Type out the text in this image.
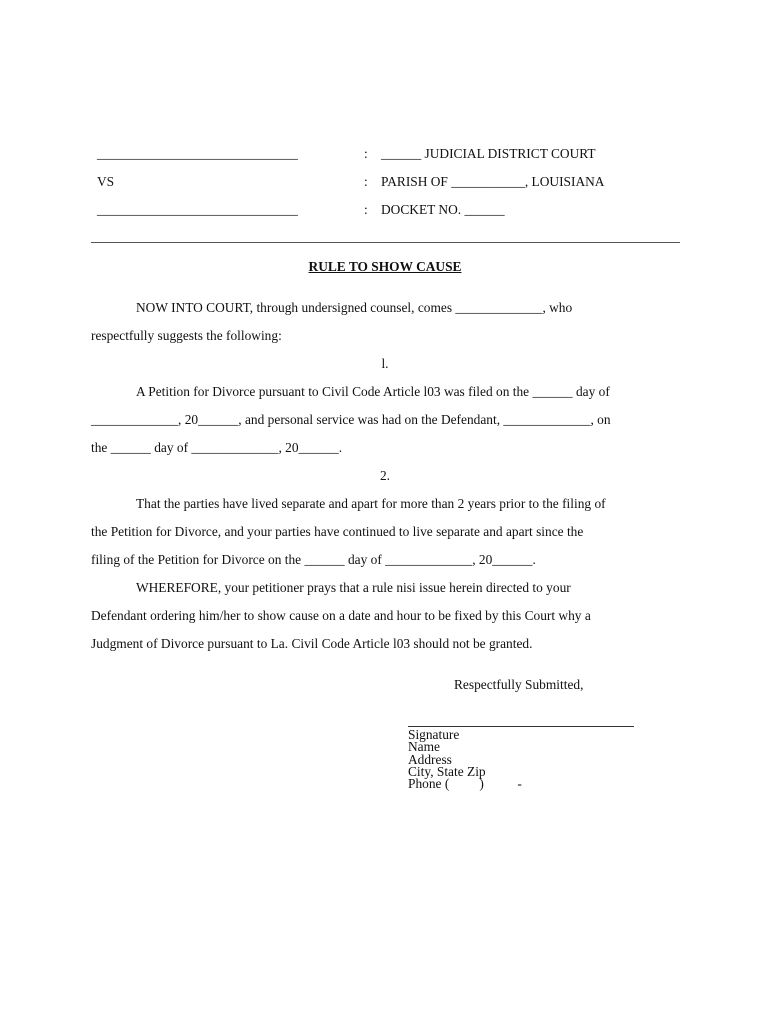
______________________________	: ______ JUDICIAL DISTRICT COURT
VS	: PARISH OF ___________, LOUISIANA
______________________________	: DOCKET NO. ______
RULE TO SHOW CAUSE
NOW INTO COURT, through undersigned counsel, comes _____________, who
respectfully suggests the following:
l.
A Petition for Divorce pursuant to Civil Code Article l03 was filed on the ______ day of
_____________, 20______, and personal service was had on the Defendant, _____________, on
the ______ day of _____________, 20______.
2.
That the parties have lived separate and apart for more than 2 years prior to the filing of
the Petition for Divorce, and your parties have continued to live separate and apart since the
filing of the Petition for Divorce on the ______ day of _____________, 20______.
WHEREFORE, your petitioner prays that a rule nisi issue herein directed to your
Defendant ordering him/her to show cause on a date and hour to be fixed by this Court why a
Judgment of Divorce pursuant to La. Civil Code Article l03 should not be granted.
Respectfully Submitted,
Signature
Name
Address
City, State Zip
Phone (         )          -
